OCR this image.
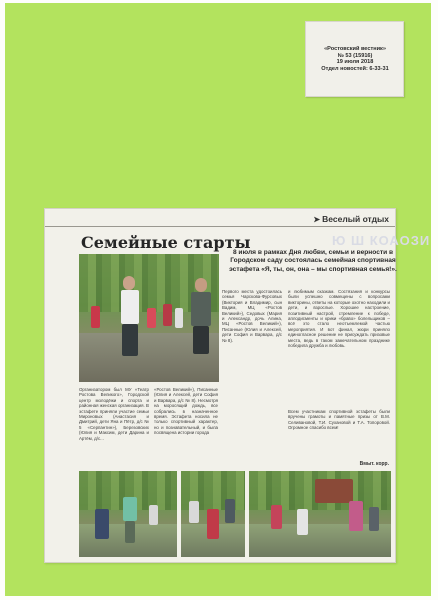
«Ростовский вестник»
№ 53 (15916)
19 июля 2018
Отдел новостей: 6-33-31
Ю Ш КОАОЗИ
➤ Веселый отдых
Семейные старты
8 июля в рамках Дня любви, семьи и верности в Городском саду состоялась семейная спортивная эстафета «Я, ты, он, она – мы спортивная семья!».
Первого места удостоилась семья Чарскова-Фурсовых (Виктория и Владимир, сын Вадим, МЦ «Ростов Великий»), Седовых (Мария и Александр, дочь Алина, МЦ «Ростов Великий»), Писанные (Юлия и Алексей, дети София и Варвара, д/с № 8).
и любимым сказкам. Состязания и конкурсы были успешно совмещены с вопросами викторины, ответы на которые охотно находили и дети, и взрослые. Хорошее настроение, позитивный настрой, стремление к победе, аплодисменты и крики «браво» болельщиков – всё это стало неотъемлемой частью мероприятия. И вот финал, жюри приняло единогласное решение не присуждать призовые места, ведь в таком замечательном празднике победила дружба и любовь.
Организатором был МУ «Театр Ростова Великого», Городской центр молодёжи и спорта и районная женская организация. В эстафете приняли участие семьи Мироновых (Анастасия и Дмитрий, дети Яна и Пётр, д/с № 5 «Серпантин»), Березовских (Юлия и Максим, дети Дарина и Артём, д/с...
«Ростов Великий»), Писанные (Юлия и Алексей, дети София и Варвара, д/с № 8). Несмотря на моросящий дождь, все собрались в назначенное время. Эстафета носила не только спортивный характер, но и познавательный, и была посвящена истории города
Всем участникам спортивной эстафеты были вручены грамоты и памятные призы от В.М. Селивановой, Т.И. Сухановой и Т.А. Топоровой. Огромное спасибо всем!
Вмыт. корр.
